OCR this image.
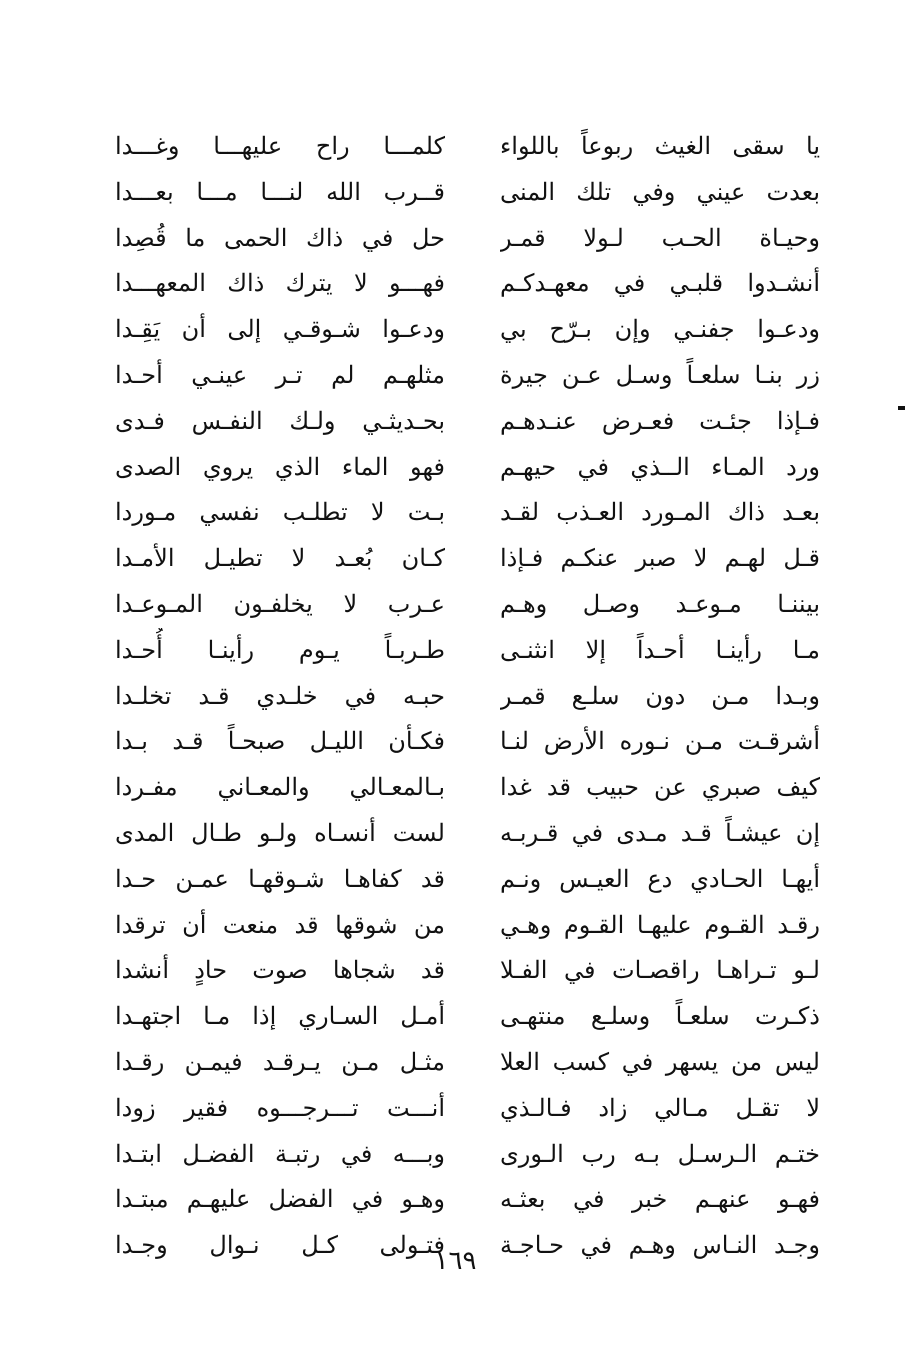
يا سقى الغيث ربوعاً باللواء
كلمـــا راح عليهـــا وغـــدا
بعدت عيني وفي تلك المنى
قــرب الله لنـــا مـــا بعـــدا
وحيـاة الحـب لـولا قمـر
حل في ذاك الحمى ما قُصِدا
أنشـدوا قلبـي في معهـدكـم
فهـــو لا يترك ذاك المعهـــدا
ودعـوا جفنـي وإن بـرّح بي
ودعـوا شـوقـي إلى أن يَقِـدا
زر بنـا سلعـاً وسـل عـن جيرة
مثلهـم لم تـر عينـي أحـدا
فـإذا جئـت فعـرض عنـدهـم
بحـديثـي ولـك النفـس فـدى
ورد المـاء الــذي في حيهـم
فهو الماء الذي يروي الصدى
بعـد ذاك المـورد العـذب لقـد
بـت لا تطلـب نفسي مـوردا
قـل لهـم لا صبر عنكـم فـإذا
كـان بُعـد لا تطيـل الأمـدا
بيننـا مـوعـد وصـل وهـم
عـرب لا يخلفـون المـوعـدا
مـا رأينـا أحـداً إلا انثنـى
طـربـاً يـوم رأينـا أُحـدا
وبـدا مـن دون سلـع قمـر
حبـه في خلـدي قـد تخلـدا
أشرقـت مـن نـوره الأرض لنـا
فكـأن الليـل صبحـاً قـد بـدا
كيف صبري عن حبيب قد غدا
بـالمعـالي والمعـاني مفـردا
إن عيشـاً قـد مـدى في قـربـه
لست أنسـاه ولـو طـال المدى
أيهـا الحـادي دع العيـس ونـم
قد كفاهـا شـوقهـا عمـن حـدا
رقـد القـوم عليهـا القـوم وهـي
من شوقها قد منعت أن ترقدا
لـو تـراهـا راقصـات في الفـلا
قد شجاها صوت حادٍ أنشدا
ذكـرت سلعـاً وسلـع منتهـى
أمـل السـاري إذا مـا اجتهـدا
ليس من يسهر في كسب العلا
مثـل مـن يـرقـد فيمـن رقـدا
لا تقـل مـالي زاد فـالـذي
أنـــت تـــرجـــوه فقير زودا
ختـم الـرسـل بـه رب الـورى
وبـــه في رتبـة الفضـل ابتـدا
فهـو عنهـم خبر في بعثـه
وهـو في الفضل عليهـم مبتـدا
وجـد النـاس وهـم في حـاجـة
فتـولى كـل نـوال وجـدا
١٦٩
